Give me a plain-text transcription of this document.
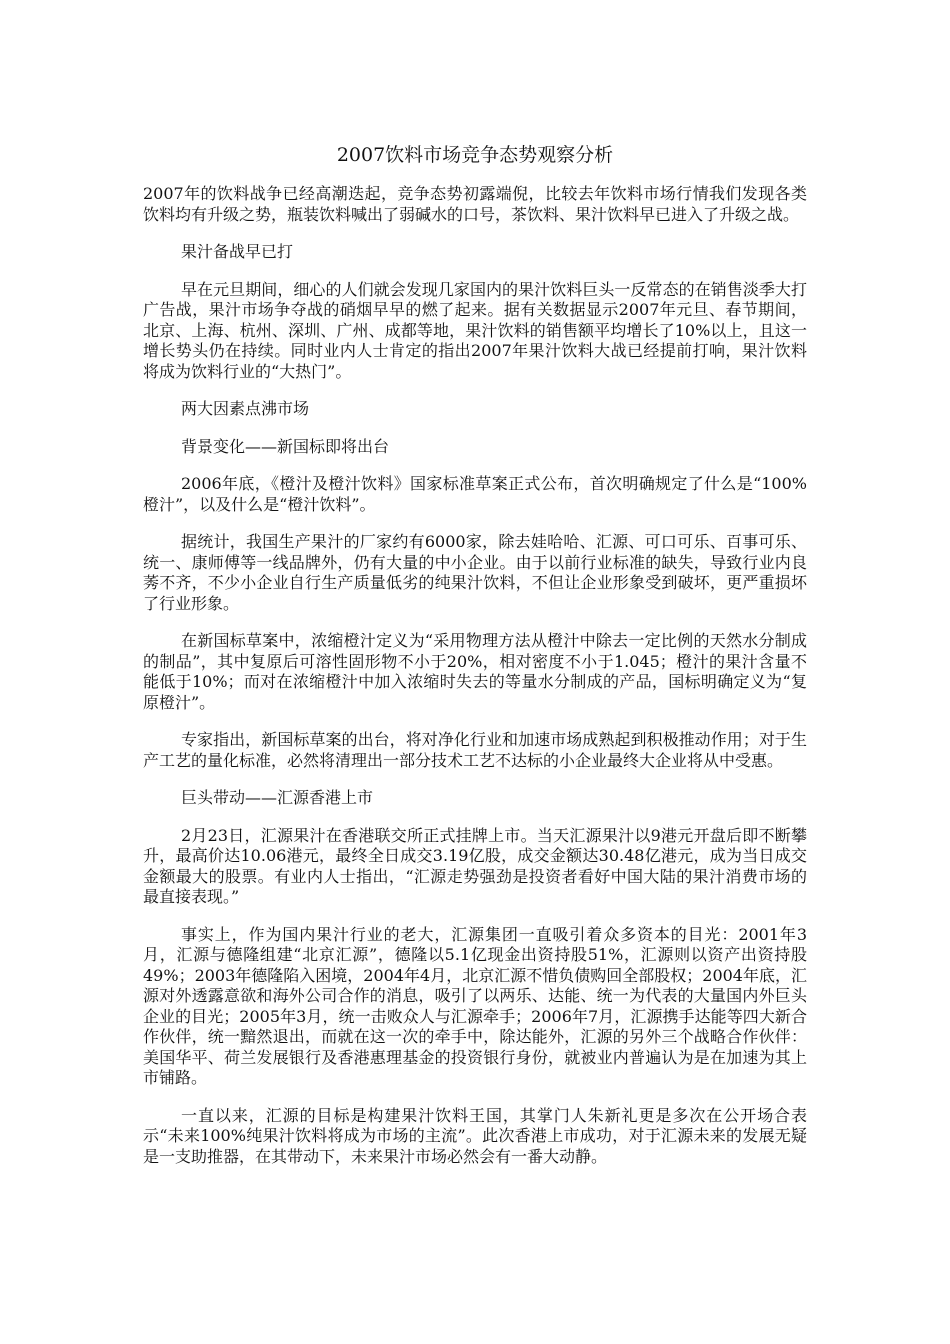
2007饮料市场竞争态势观察分析

2007年的饮料战争已经高潮迭起，竞争态势初露端倪，比较去年饮料市场行情我们发现各类饮料均有升级之势，瓶装饮料喊出了弱碱水的口号，茶饮料、果汁饮料早已进入了升级之战。

果汁备战早已打

早在元旦期间，细心的人们就会发现几家国内的果汁饮料巨头一反常态的在销售淡季大打广告战，果汁市场争夺战的硝烟早早的燃了起来。据有关数据显示2007年元旦、春节期间，北京、上海、杭州、深圳、广州、成都等地，果汁饮料的销售额平均增长了10%以上，且这一增长势头仍在持续。同时业内人士肯定的指出2007年果汁饮料大战已经提前打响，果汁饮料将成为饮料行业的“大热门”。

两大因素点沸市场

背景变化——新国标即将出台

2006年底，《橙汁及橙汁饮料》国家标准草案正式公布，首次明确规定了什么是“100%橙汁”，以及什么是“橙汁饮料”。

据统计，我国生产果汁的厂家约有6000家，除去娃哈哈、汇源、可口可乐、百事可乐、统一、康师傅等一线品牌外，仍有大量的中小企业。由于以前行业标准的缺失，导致行业内良莠不齐，不少小企业自行生产质量低劣的纯果汁饮料，不但让企业形象受到破坏，更严重损坏了行业形象。

在新国标草案中，浓缩橙汁定义为“采用物理方法从橙汁中除去一定比例的天然水分制成的制品”，其中复原后可溶性固形物不小于20%，相对密度不小于1.045；橙汁的果汁含量不能低于10%；而对在浓缩橙汁中加入浓缩时失去的等量水分制成的产品，国标明确定义为“复原橙汁”。

专家指出，新国标草案的出台，将对净化行业和加速市场成熟起到积极推动作用；对于生产工艺的量化标准，必然将清理出一部分技术工艺不达标的小企业最终大企业将从中受惠。

巨头带动——汇源香港上市

2月23日，汇源果汁在香港联交所正式挂牌上市。当天汇源果汁以9港元开盘后即不断攀升，最高价达10.06港元，最终全日成交3.19亿股，成交金额达30.48亿港元，成为当日成交金额最大的股票。有业内人士指出，“汇源走势强劲是投资者看好中国大陆的果汁消费市场的最直接表现。”

事实上，作为国内果汁行业的老大，汇源集团一直吸引着众多资本的目光：2001年3月，汇源与德隆组建“北京汇源”，德隆以5.1亿现金出资持股51%，汇源则以资产出资持股49%；2003年德隆陷入困境，2004年4月，北京汇源不惜负债购回全部股权；2004年底，汇源对外透露意欲和海外公司合作的消息，吸引了以两乐、达能、统一为代表的大量国内外巨头企业的目光；2005年3月，统一击败众人与汇源牵手；2006年7月，汇源携手达能等四大新合作伙伴，统一黯然退出，而就在这一次的牵手中，除达能外，汇源的另外三个战略合作伙伴：美国华平、荷兰发展银行及香港惠理基金的投资银行身份，就被业内普遍认为是在加速为其上市铺路。

一直以来，汇源的目标是构建果汁饮料王国，其掌门人朱新礼更是多次在公开场合表示“未来100%纯果汁饮料将成为市场的主流”。此次香港上市成功，对于汇源未来的发展无疑是一支助推器，在其带动下，未来果汁市场必然会有一番大动静。
